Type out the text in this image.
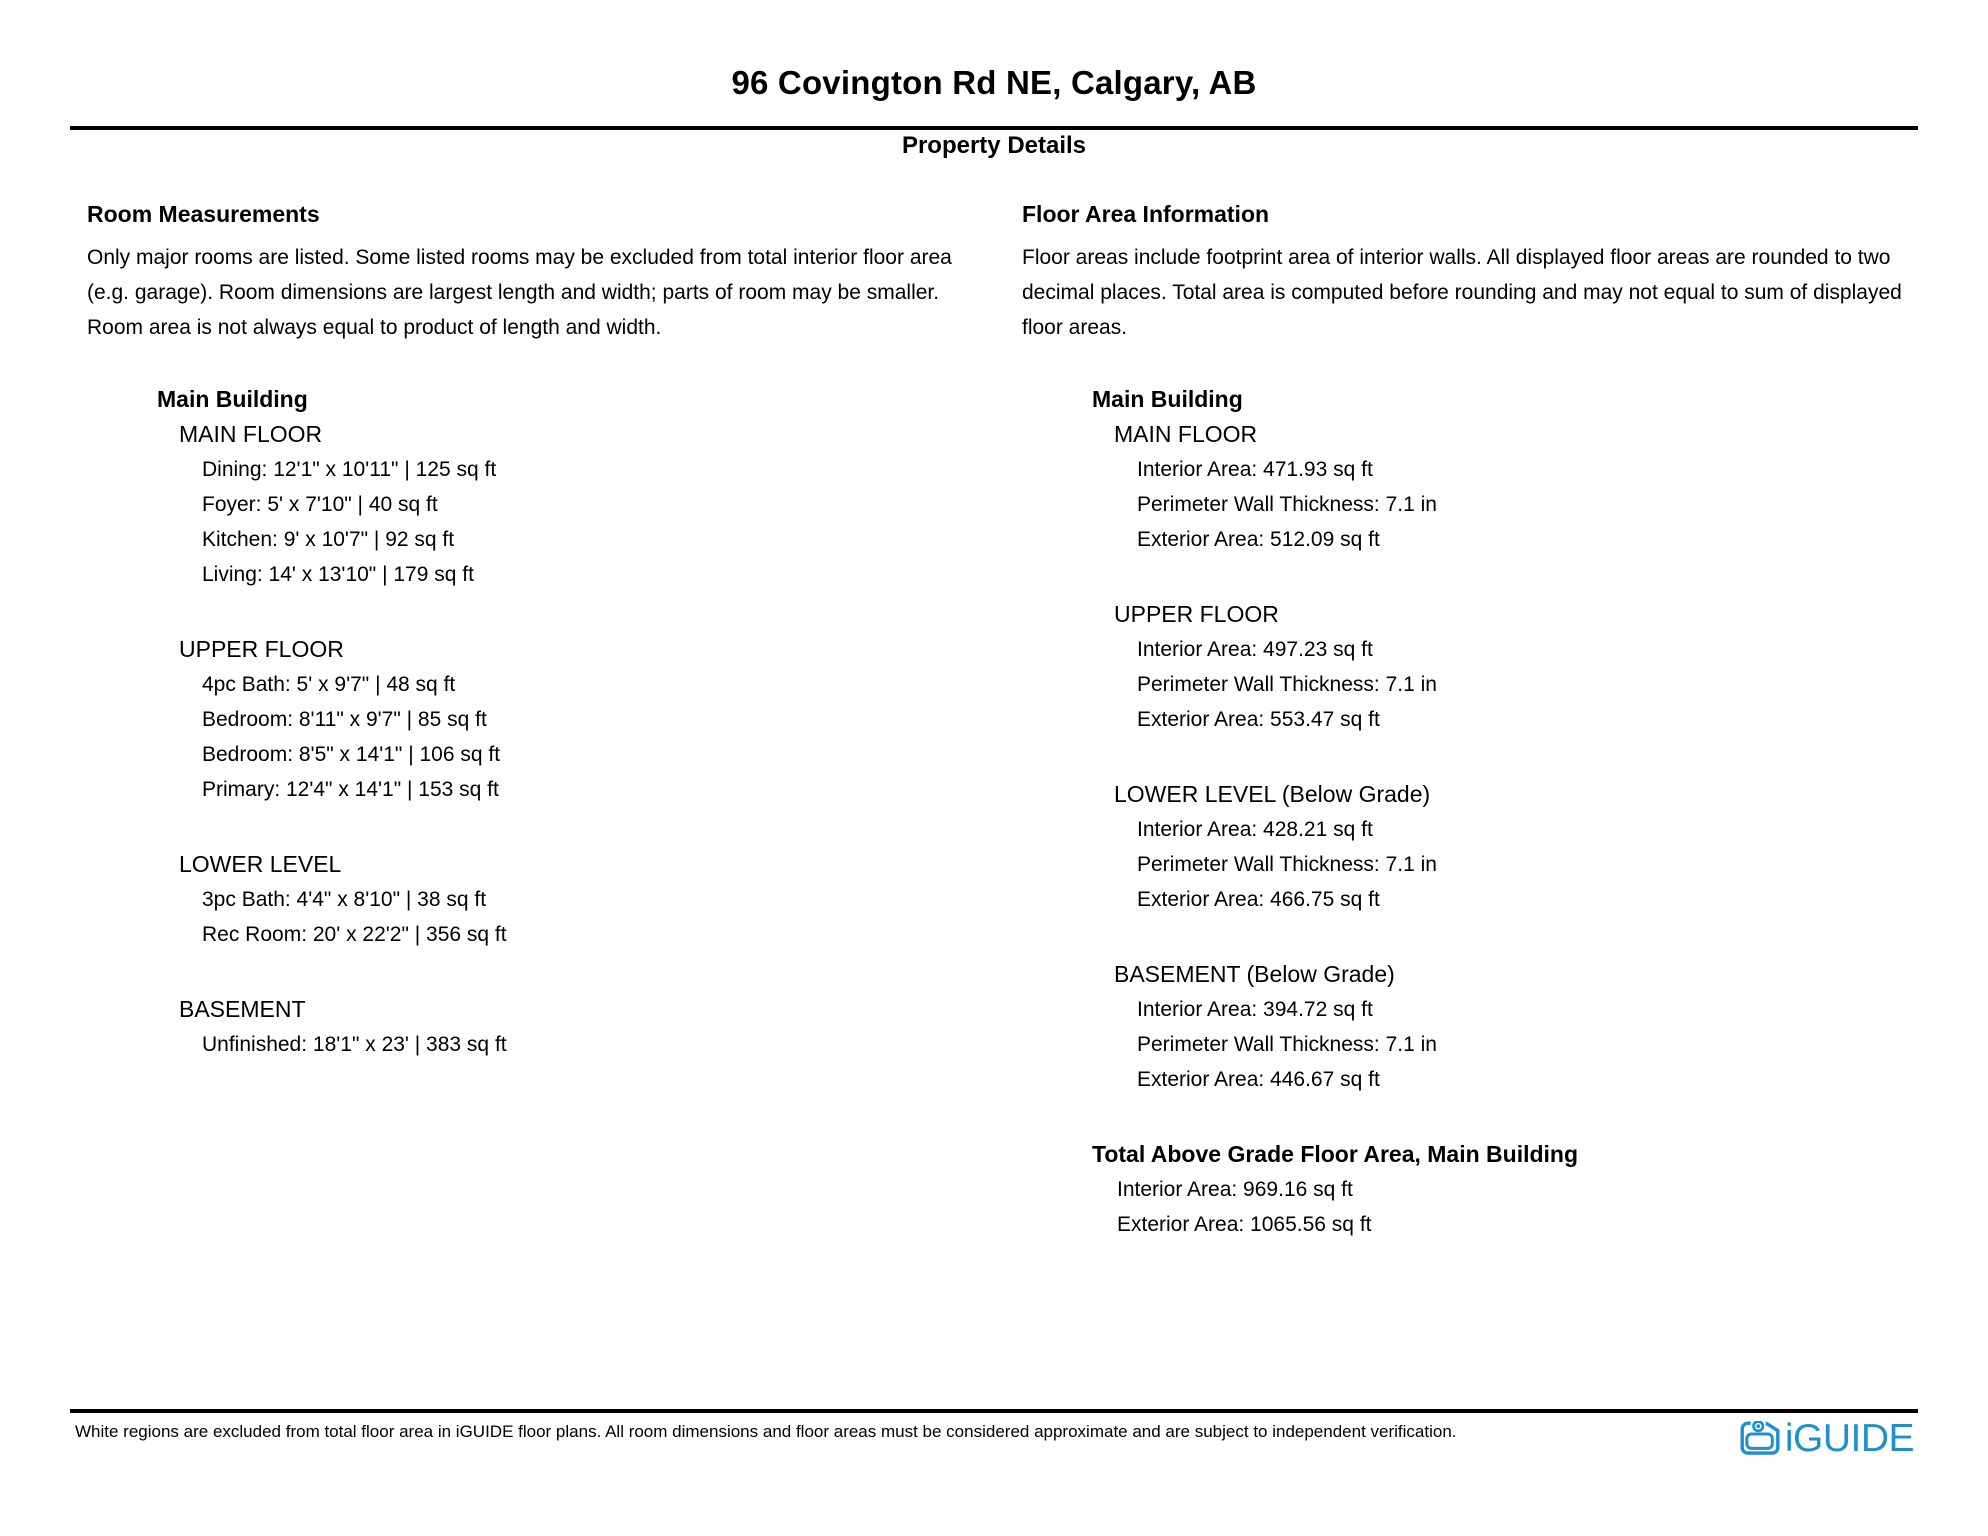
96 Covington Rd NE, Calgary, AB
Property Details
Room Measurements

Only major rooms are listed. Some listed rooms may be excluded from total interior floor area (e.g. garage). Room dimensions are largest length and width; parts of room may be smaller. Room area is not always equal to product of length and width.

Main Building
MAIN FLOOR
Dining: 12'1" x 10'11" | 125 sq ft
Foyer: 5' x 7'10" | 40 sq ft
Kitchen: 9' x 10'7" | 92 sq ft
Living: 14' x 13'10" | 179 sq ft
UPPER FLOOR
4pc Bath: 5' x 9'7" | 48 sq ft
Bedroom: 8'11" x 9'7" | 85 sq ft
Bedroom: 8'5" x 14'1" | 106 sq ft
Primary: 12'4" x 14'1" | 153 sq ft
LOWER LEVEL
3pc Bath: 4'4" x 8'10" | 38 sq ft
Rec Room: 20' x 22'2" | 356 sq ft
BASEMENT
Unfinished: 18'1" x 23' | 383 sq ft
Floor Area Information

Floor areas include footprint area of interior walls. All displayed floor areas are rounded to two decimal places. Total area is computed before rounding and may not equal to sum of displayed floor areas.

Main Building
MAIN FLOOR
Interior Area: 471.93 sq ft
Perimeter Wall Thickness: 7.1 in
Exterior Area: 512.09 sq ft
UPPER FLOOR
Interior Area: 497.23 sq ft
Perimeter Wall Thickness: 7.1 in
Exterior Area: 553.47 sq ft
LOWER LEVEL (Below Grade)
Interior Area: 428.21 sq ft
Perimeter Wall Thickness: 7.1 in
Exterior Area: 466.75 sq ft
BASEMENT (Below Grade)
Interior Area: 394.72 sq ft
Perimeter Wall Thickness: 7.1 in
Exterior Area: 446.67 sq ft
Total Above Grade Floor Area, Main Building
Interior Area: 969.16 sq ft
Exterior Area: 1065.56 sq ft

White regions are excluded from total floor area in iGUIDE floor plans. All room dimensions and floor areas must be considered approximate and are subject to independent verification.	iGUIDE
